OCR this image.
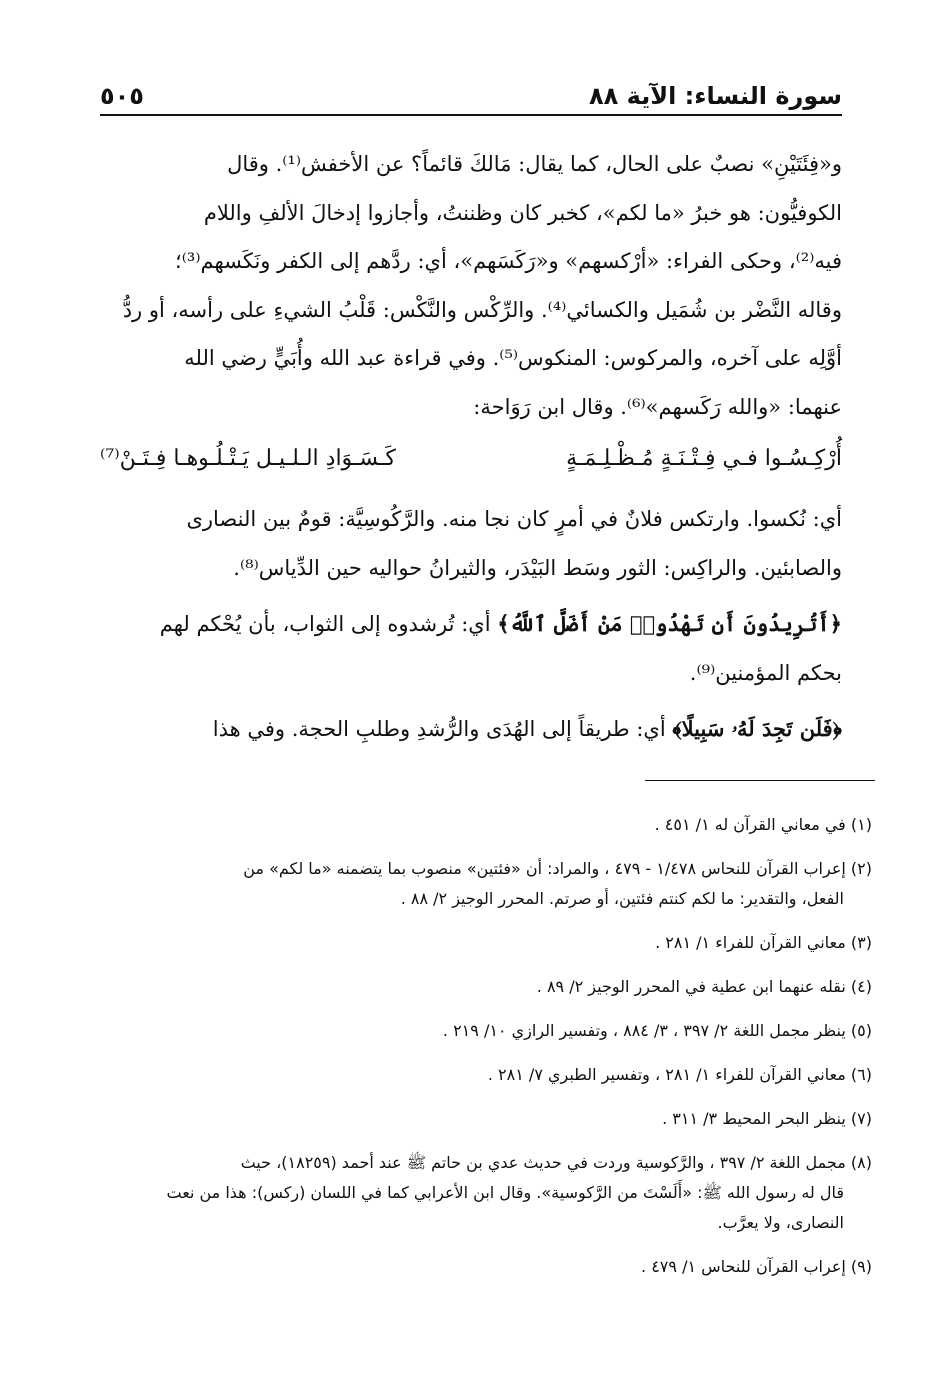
سورة النساء: الآية ٨٨
٥٠٥

و«فِئَتَيْنِ» نصبٌ على الحال، كما يقال: مَالكَ قائماً؟ عن الأخفش⁽¹⁾. وقال
الكوفيُّون: هو خبرُ «ما لكم»، كخبر كان وظننتُ، وأجازوا إدخالَ الألفِ واللام
فيه⁽²⁾، وحكى الفراء: «أرْكسهم» و«رَكَسَهم»، أي: ردَّهم إلى الكفر ونَكَسهم⁽³⁾؛
وقاله النَّضْر بن شُمَيل والكسائي⁽⁴⁾. والرِّكْس والنَّكْس: قَلْبُ الشيءِ على رأسه، أو ردُّ
أوَّلِه على آخره، والمركوس: المنكوس⁽⁵⁾. وفي قراءة عبد الله وأُبَيٍّ رضي الله
عنهما: «والله رَكَسهم»⁽⁶⁾. وقال ابن رَوَاحة:

أُرْكِـسُـوا فـي فِـتْـنَـةٍ مُـظْـلِـمَـةٍ
كَـسَـوَادِ الـلـيـل يَـتْـلُـوهـا فِـتَـنْ⁽⁷⁾

أي: نُكسوا. وارتكس فلانٌ في أمرٍ كان نجا منه. والرَّكُوسِيَّة: قومٌ بين النصارى
والصابئين. والراكِس: الثور وسَط البَيْدَر، والثيرانُ حواليه حين الدِّياس⁽⁸⁾.

﴿أَتُرِيدُونَ أَن تَهْدُوا۟ مَنْ أَضَلَّ ٱللَّهُ﴾ أي: تُرشدوه إلى الثواب، بأن يُحْكم لهم
بحكم المؤمنين⁽⁹⁾.

﴿فَلَن تَجِدَ لَهُۥ سَبِيلًا﴾ أي: طريقاً إلى الهُدَى والرُّشدِ وطلبِ الحجة. وفي هذا

(١) في معاني القرآن له ١/ ٤٥١ .

(٢) إعراب القرآن للنحاس ١/٤٧٨ - ٤٧٩ ، والمراد: أن «فئتين» منصوب بما يتضمنه «ما لكم» من
الفعل، والتقدير: ما لكم كنتم فئتين، أو صرتم. المحرر الوجيز ٢/ ٨٨ .

(٣) معاني القرآن للفراء ١/ ٢٨١ .

(٤) نقله عنهما ابن عطية في المحرر الوجيز ٢/ ٨٩ .

(٥) ينظر مجمل اللغة ٢/ ٣٩٧ ، ٣/ ٨٨٤ ، وتفسير الرازي ١٠/ ٢١٩ .

(٦) معاني القرآن للفراء ١/ ٢٨١ ، وتفسير الطبري ٧/ ٢٨١ .

(٧) ينظر البحر المحيط ٣/ ٣١١ .

(٨) مجمل اللغة ٢/ ٣٩٧ ، والرَّكوسية وردت في حديث عدي بن حاتم ﷺ عند أحمد (١٨٢٥٩)، حيث
قال له رسول الله ﷺ: «أَلَسْتَ من الرَّكوسية». وقال ابن الأعرابي كما في اللسان (ركس): هذا من نعت
النصارى، ولا يعرَّب.

(٩) إعراب القرآن للنحاس ١/ ٤٧٩ .
